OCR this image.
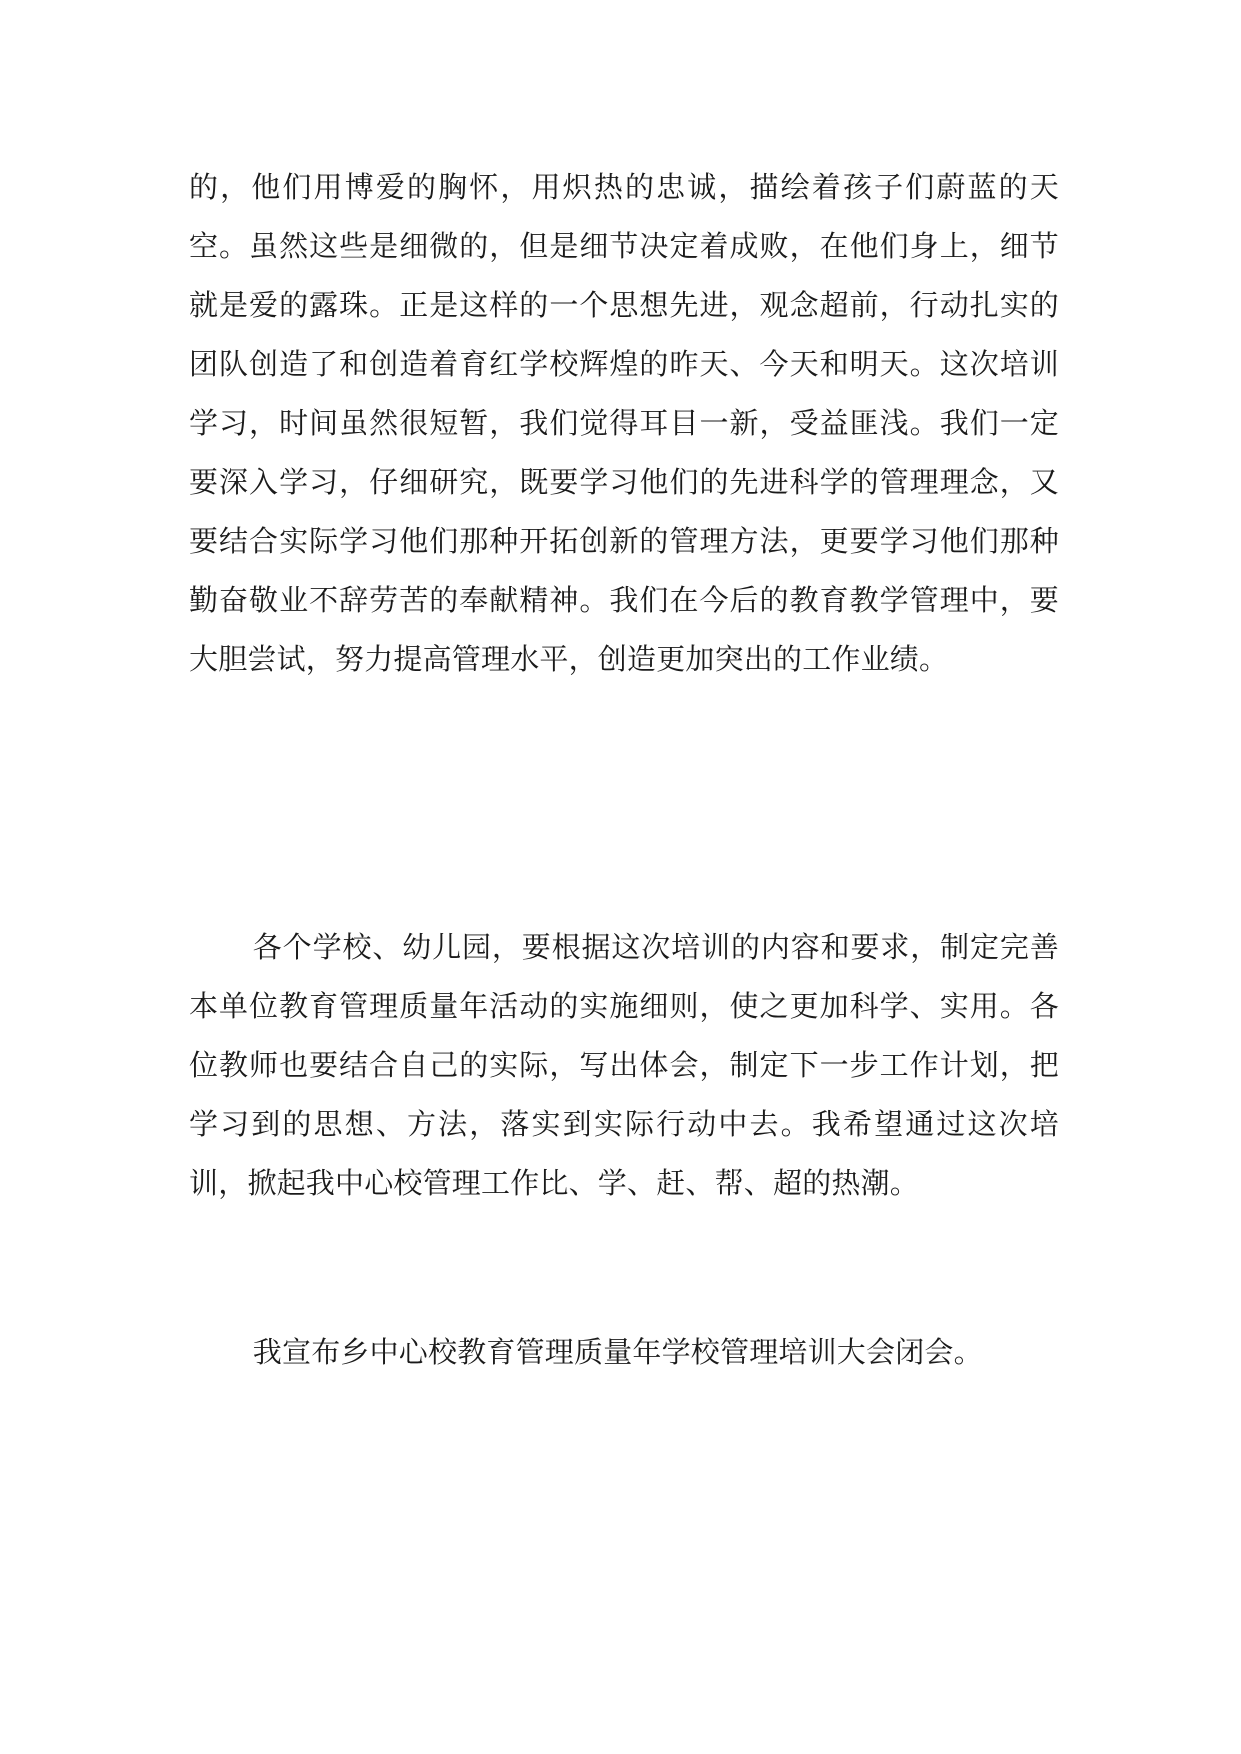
的，他们用博爱的胸怀，用炽热的忠诚，描绘着孩子们蔚蓝的天空。虽然这些是细微的，但是细节决定着成败，在他们身上，细节就是爱的露珠。正是这样的一个思想先进，观念超前，行动扎实的团队创造了和创造着育红学校辉煌的昨天、今天和明天。这次培训学习，时间虽然很短暂，我们觉得耳目一新，受益匪浅。我们一定要深入学习，仔细研究，既要学习他们的先进科学的管理理念，又要结合实际学习他们那种开拓创新的管理方法，更要学习他们那种勤奋敬业不辞劳苦的奉献精神。我们在今后的教育教学管理中，要大胆尝试，努力提高管理水平，创造更加突出的工作业绩。

各个学校、幼儿园，要根据这次培训的内容和要求，制定完善本单位教育管理质量年活动的实施细则，使之更加科学、实用。各位教师也要结合自己的实际，写出体会，制定下一步工作计划，把学习到的思想、方法，落实到实际行动中去。我希望通过这次培训，掀起我中心校管理工作比、学、赶、帮、超的热潮。

我宣布乡中心校教育管理质量年学校管理培训大会闭会。
